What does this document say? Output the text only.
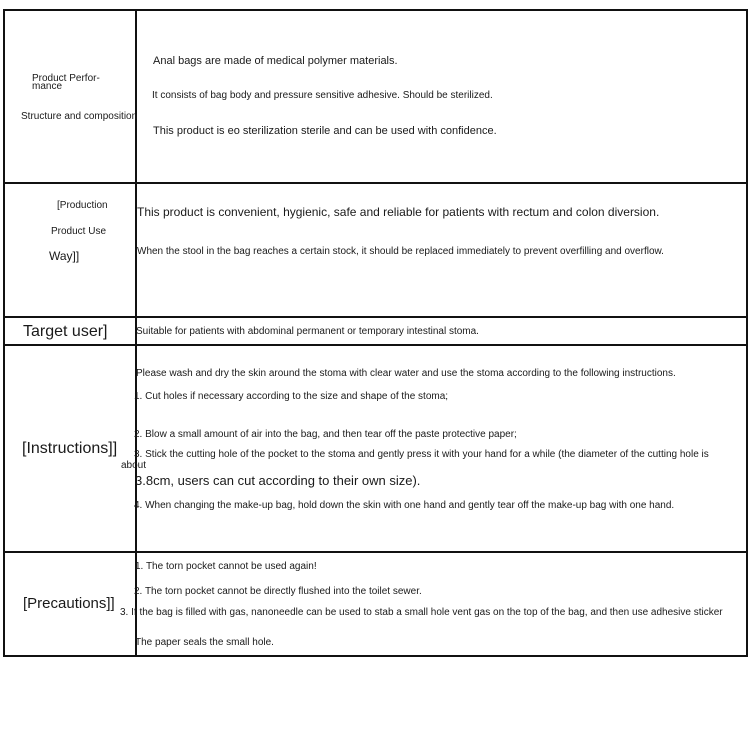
Product Perfor-
mance
Structure and composition
Anal bags are made of medical polymer materials.
It consists of bag body and pressure sensitive adhesive. Should be sterilized.
This product is eo sterilization sterile and can be used with confidence.
[Production
Product Use
Way]]
This product is convenient, hygienic, safe and reliable for patients with rectum and colon diversion.
When the stool in the bag reaches a certain stock, it should be replaced immediately to prevent overfilling and overflow.
Target user]	Suitable for patients with abdominal permanent or temporary intestinal stoma.
[Instructions]]
Please wash and dry the skin around the stoma with clear water and use the stoma according to the following instructions.
1. Cut holes if necessary according to the size and shape of the stoma;
2. Blow a small amount of air into the bag, and then tear off the paste protective paper;
3. Stick the cutting hole of the pocket to the stoma and gently press it with your hand for a while (the diameter of the cutting hole is about
3.8cm, users can cut according to their own size).
4. When changing the make-up bag, hold down the skin with one hand and gently tear off the make-up bag with one hand.
[Precautions]]
1. The torn pocket cannot be used again!
2. The torn pocket cannot be directly flushed into the toilet sewer.
3. If the bag is filled with gas, nanoneedle can be used to stab a small hole vent gas on the top of the bag, and then use adhesive sticker
The paper seals the small hole.
